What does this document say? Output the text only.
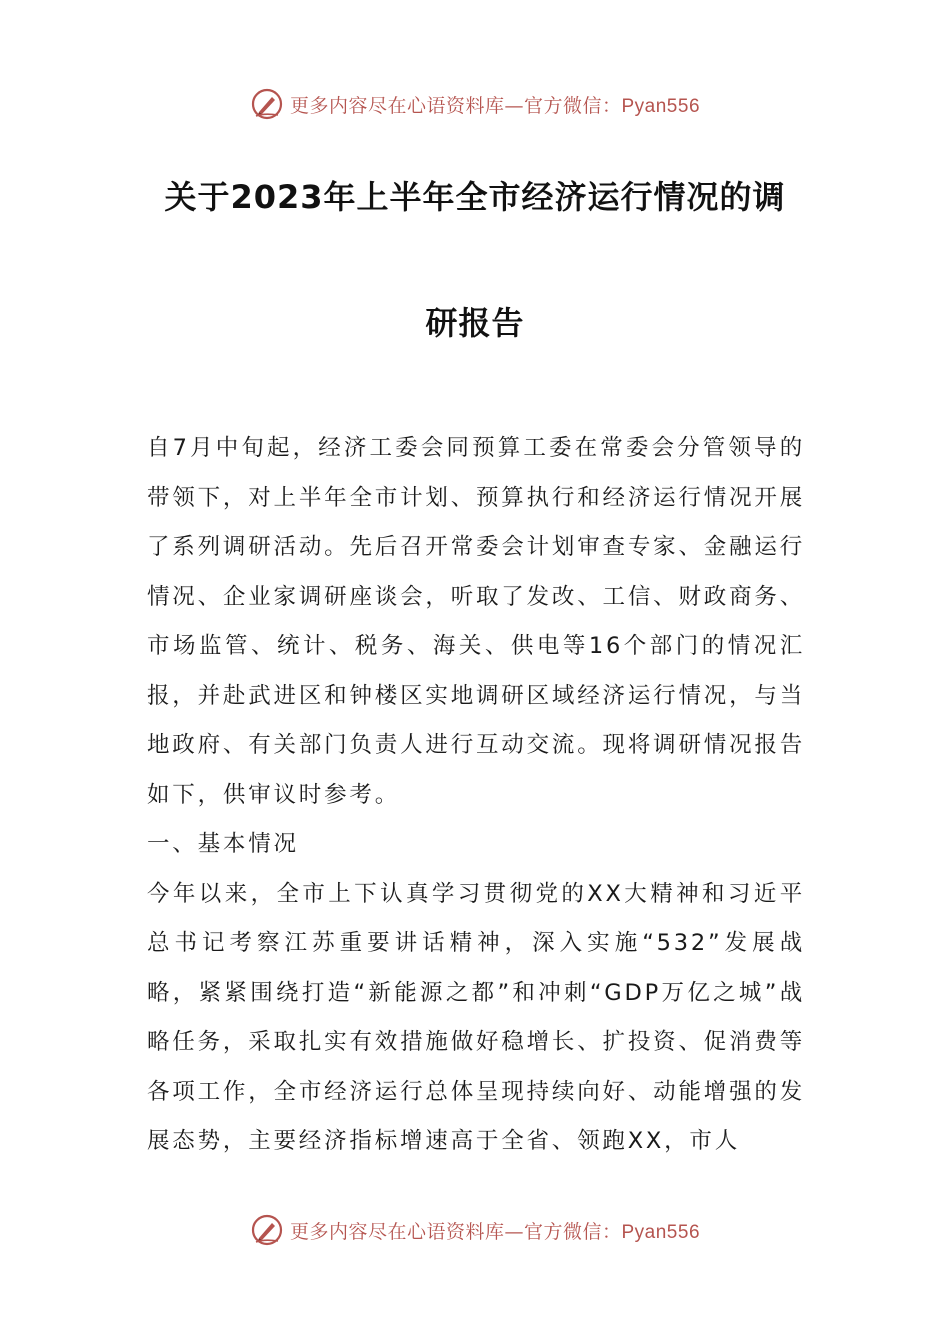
更多内容尽在心语资料库—官方微信：Pyan556
关于2023年上半年全市经济运行情况的调
研报告

自7月中旬起，经济工委会同预算工委在常委会分管领导的带领下，对上半年全市计划、预算执行和经济运行情况开展了系列调研活动。先后召开常委会计划审查专家、金融运行情况、企业家调研座谈会，听取了发改、工信、财政商务、市场监管、统计、税务、海关、供电等16个部门的情况汇报，并赴武进区和钟楼区实地调研区域经济运行情况，与当地政府、有关部门负责人进行互动交流。现将调研情况报告如下，供审议时参考。

一、基本情况

今年以来，全市上下认真学习贯彻党的XX大精神和习近平总书记考察江苏重要讲话精神，深入实施“532”发展战略，紧紧围绕打造“新能源之都”和冲刺“GDP万亿之城”战略任务，采取扎实有效措施做好稳增长、扩投资、促消费等各项工作，全市经济运行总体呈现持续向好、动能增强的发展态势，主要经济指标增速高于全省、领跑XX，市人

更多内容尽在心语资料库—官方微信：Pyan556
